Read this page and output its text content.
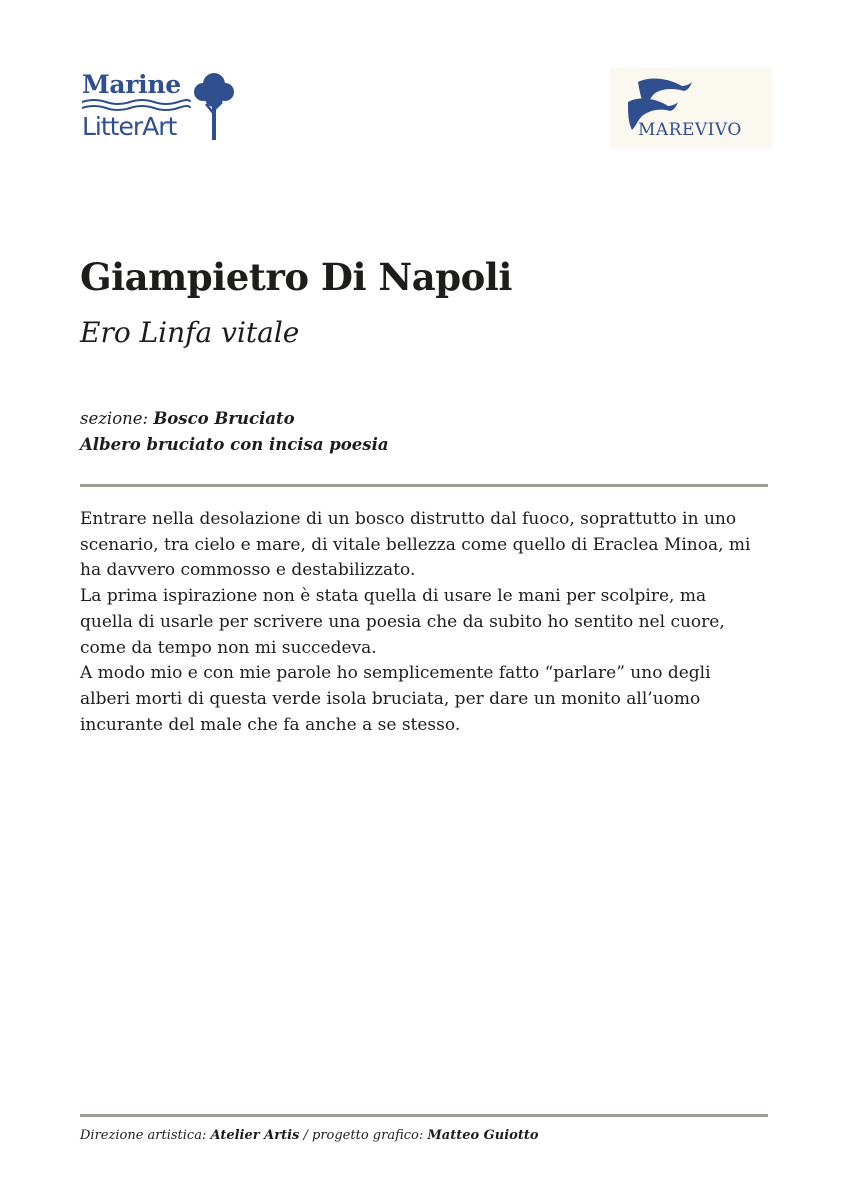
Marine
LitterArt	MAREVIVO
Giampietro Di Napoli
Ero Linfa vitale
sezione: Bosco Bruciato
Albero bruciato con incisa poesia

Entrare nella desolazione di un bosco distrutto dal fuoco, soprattutto in uno

scenario, tra cielo e mare, di vitale bellezza come quello di Eraclea Minoa, mi

ha davvero commosso e destabilizzato.

La prima ispirazione non è stata quella di usare le mani per scolpire, ma

quella di usarle per scrivere una poesia che da subito ho sentito nel cuore,

come da tempo non mi succedeva.

A modo mio e con mie parole ho semplicemente fatto “parlare” uno degli

alberi morti di questa verde isola bruciata, per dare un monito all’uomo

incurante del male che fa anche a se stesso.

Direzione artistica: Atelier Artis / progetto grafico: Matteo Guiotto
